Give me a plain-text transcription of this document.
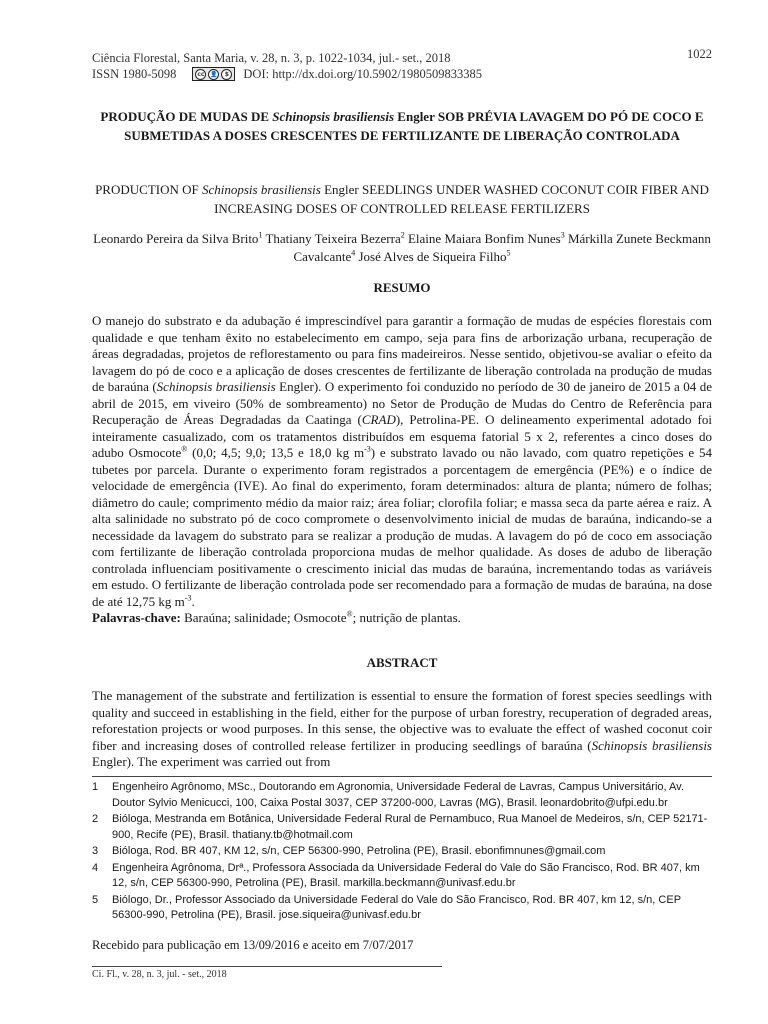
Ciência Florestal, Santa Maria, v. 28, n. 3, p. 1022-1034, jul.- set., 2018	1022
ISSN 1980-5098	cc 👤	$ DOI: http://dx.doi.org/10.5902/1980509833385
PRODUÇÃO DE MUDAS DE Schinopsis brasiliensis Engler SOB PRÉVIA LAVAGEM DO PÓ DE COCO E SUBMETIDAS A DOSES CRESCENTES DE FERTILIZANTE DE LIBERAÇÃO CONTROLADA
PRODUCTION OF Schinopsis brasiliensis Engler SEEDLINGS UNDER WASHED COCONUT COIR FIBER AND INCREASING DOSES OF CONTROLLED RELEASE FERTILIZERS
Leonardo Pereira da Silva Brito$^1$ Thatiany Teixeira Bezerra$^2$ Elaine Maiara Bonfim Nunes$^3$ Márkilla Zunete Beckmann Cavalcante$^4$ José Alves de Siqueira Filho$^5$
RESUMO
O manejo do substrato e da adubação é imprescindível para garantir a formação de mudas de espécies florestais com qualidade e que tenham êxito no estabelecimento em campo, seja para fins de arborização urbana, recuperação de áreas degradadas, projetos de reflorestamento ou para fins madeireiros. Nesse sentido, objetivou-se avaliar o efeito da lavagem do pó de coco e a aplicação de doses crescentes de fertilizante de liberação controlada na produção de mudas de baraúna (Schinopsis brasiliensis Engler). O experimento foi conduzido no período de 30 de janeiro de 2015 a 04 de abril de 2015, em viveiro (50% de sombreamento) no Setor de Produção de Mudas do Centro de Referência para Recuperação de Áreas Degradadas da Caatinga (CRAD), Petrolina-PE. O delineamento experimental adotado foi inteiramente casualizado, com os tratamentos distribuídos em esquema fatorial 5 x 2, referentes a cinco doses do adubo Osmocote® (0,0; 4,5; 9,0; 13,5 e 18,0 kg $m^{-3}$) e substrato lavado ou não lavado, com quatro repetições e 54 tubetes por parcela. Durante o experimento foram registrados a porcentagem de emergência (PE%) e o índice de velocidade de emergência (IVE). Ao final do experimento, foram determinados: altura de planta; número de folhas; diâmetro do caule; comprimento médio da maior raiz; área foliar; clorofila foliar; e massa seca da parte aérea e raiz. A alta salinidade no substrato pó de coco compromete o desenvolvimento inicial de mudas de baraúna, indicando-se a necessidade da lavagem do substrato para se realizar a produção de mudas. A lavagem do pó de coco em associação com fertilizante de liberação controlada proporciona mudas de melhor qualidade. As doses de adubo de liberação controlada influenciam positivamente o crescimento inicial das mudas de baraúna, incrementando todas as variáveis em estudo. O fertilizante de liberação controlada pode ser recomendado para a formação de mudas de baraúna, na dose de até 12,75 kg $m^{-3}$.
Palavras-chave: Baraúna; salinidade; Osmocote®; nutrição de plantas.
ABSTRACT
The management of the substrate and fertilization is essential to ensure the formation of forest species seedlings with quality and succeed in establishing in the field, either for the purpose of urban forestry, recuperation of degraded areas, reforestation projects or wood purposes. In this sense, the objective was to evaluate the effect of washed coconut coir fiber and increasing doses of controlled release fertilizer in producing seedlings of baraúna (Schinopsis brasiliensis Engler). The experiment was carried out from
1	Engenheiro Agrônomo, MSc., Doutorando em Agronomia, Universidade Federal de Lavras, Campus Universitário, Av. Doutor Sylvio Menicucci, 100, Caixa Postal 3037, CEP 37200-000, Lavras (MG), Brasil. leonardobrito@ufpi.edu.br
2	Bióloga, Mestranda em Botânica, Universidade Federal Rural de Pernambuco, Rua Manoel de Medeiros, s/n, CEP 52171-900, Recife (PE), Brasil. thatiany.tb@hotmail.com
3	Bióloga, Rod. BR 407, KM 12, s/n, CEP 56300-990, Petrolina (PE), Brasil. ebonfimnunes@gmail.com
4	Engenheira Agrônoma, Drª., Professora Associada da Universidade Federal do Vale do São Francisco, Rod. BR 407, km 12, s/n, CEP 56300-990, Petrolina (PE), Brasil. markilla.beckmann@univasf.edu.br
5	Biólogo, Dr., Professor Associado da Universidade Federal do Vale do São Francisco, Rod. BR 407, km 12, s/n, CEP 56300-990, Petrolina (PE), Brasil. jose.siqueira@univasf.edu.br
Recebido para publicação em 13/09/2016 e aceito em 7/07/2017
Ci. Fl., v. 28, n. 3, jul. - set., 2018
